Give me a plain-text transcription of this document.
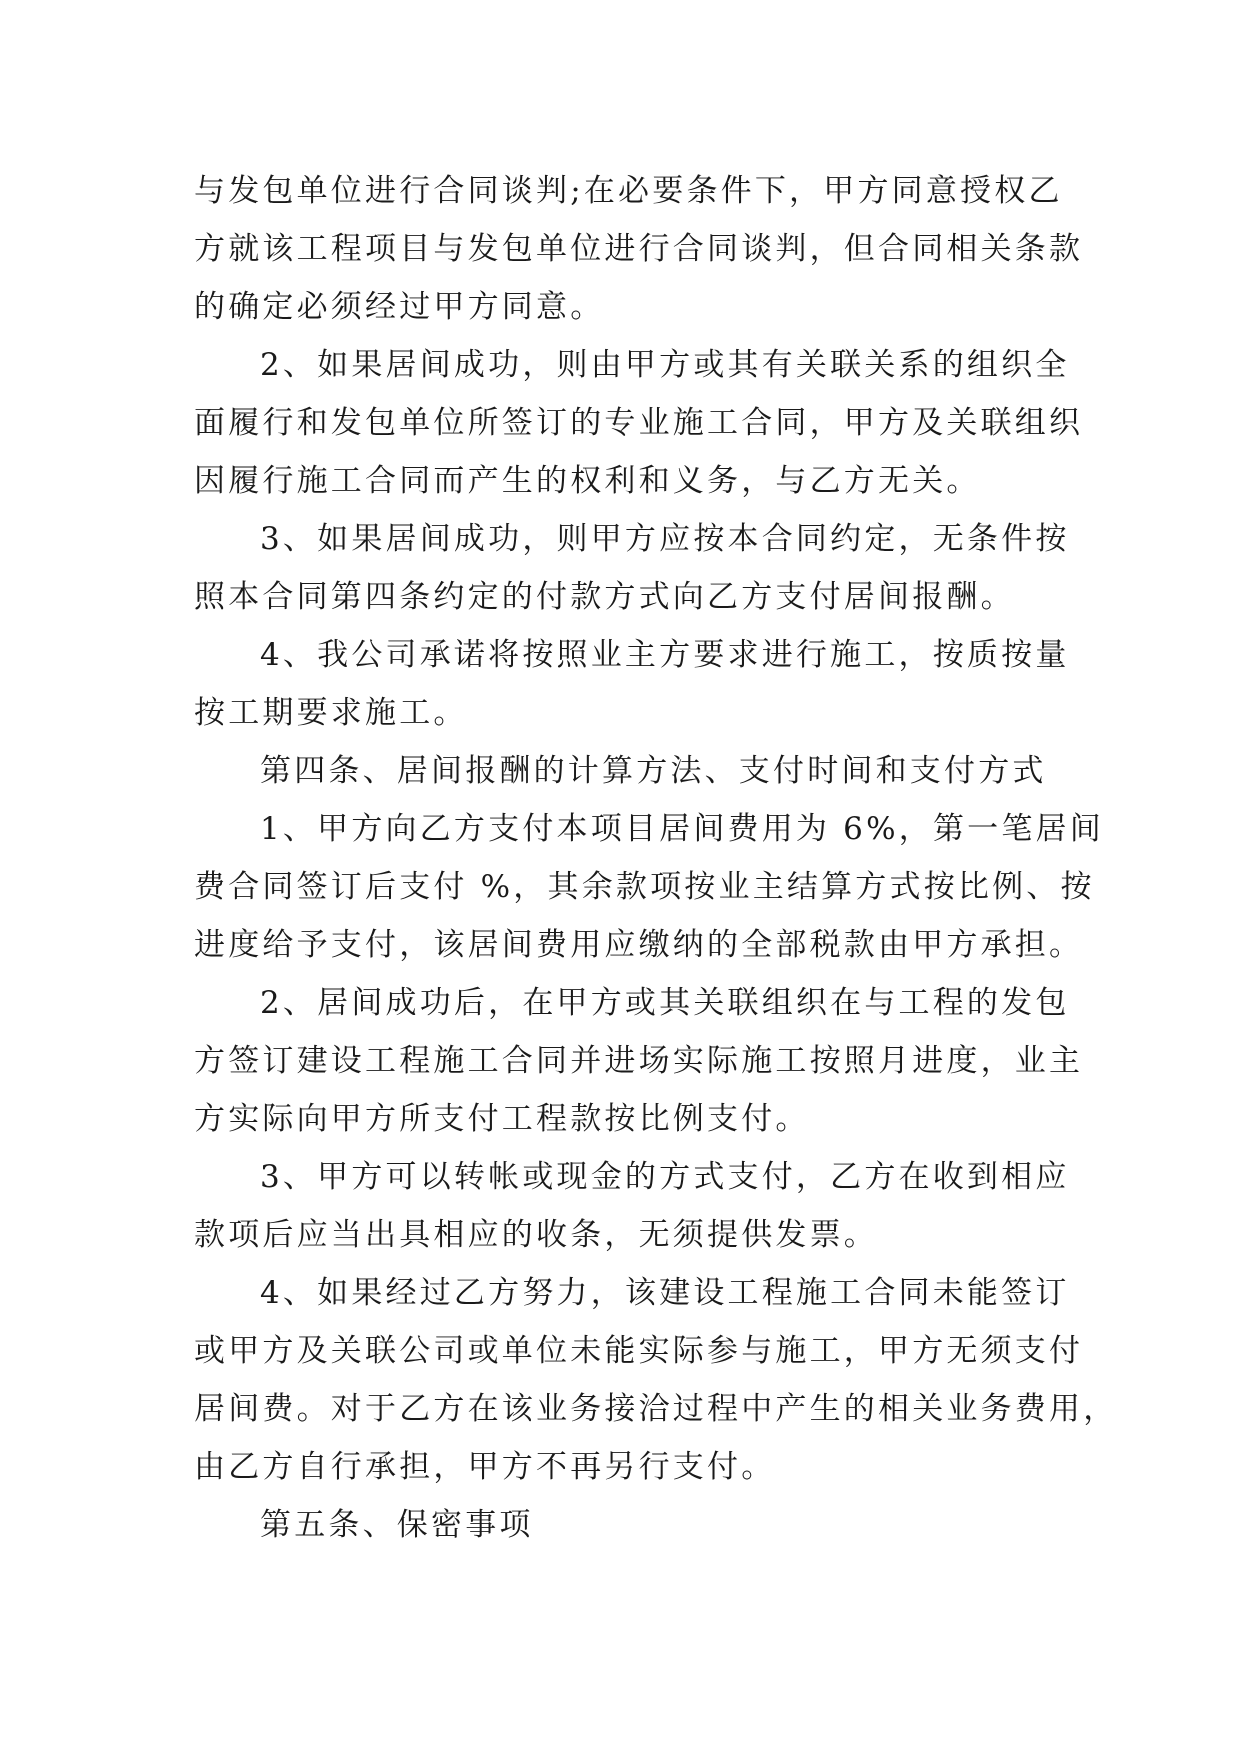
与发包单位进行合同谈判;在必要条件下，甲方同意授权乙
方就该工程项目与发包单位进行合同谈判，但合同相关条款
的确定必须经过甲方同意。
2、如果居间成功，则由甲方或其有关联关系的组织全
面履行和发包单位所签订的专业施工合同，甲方及关联组织
因履行施工合同而产生的权利和义务，与乙方无关。
3、如果居间成功，则甲方应按本合同约定，无条件按
照本合同第四条约定的付款方式向乙方支付居间报酬。
4、我公司承诺将按照业主方要求进行施工，按质按量
按工期要求施工。
第四条、居间报酬的计算方法、支付时间和支付方式
1、甲方向乙方支付本项目居间费用为 6%，第一笔居间
费合同签订后支付 %，其余款项按业主结算方式按比例、按
进度给予支付，该居间费用应缴纳的全部税款由甲方承担。
2、居间成功后，在甲方或其关联组织在与工程的发包
方签订建设工程施工合同并进场实际施工按照月进度，业主
方实际向甲方所支付工程款按比例支付。
3、甲方可以转帐或现金的方式支付，乙方在收到相应
款项后应当出具相应的收条，无须提供发票。
4、如果经过乙方努力，该建设工程施工合同未能签订
或甲方及关联公司或单位未能实际参与施工，甲方无须支付
居间费。对于乙方在该业务接洽过程中产生的相关业务费用，
由乙方自行承担，甲方不再另行支付。
第五条、保密事项
